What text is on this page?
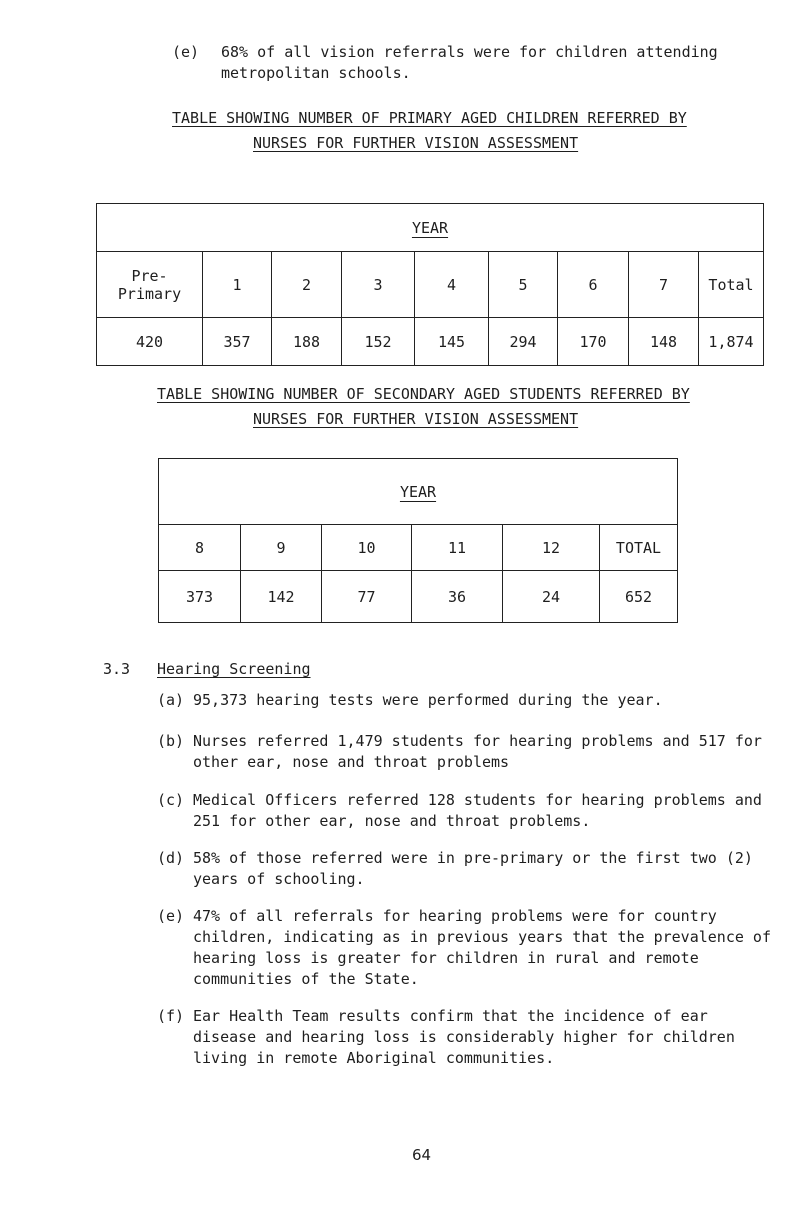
(e) 68% of all vision referrals were for children attending
metropolitan schools.
TABLE SHOWING NUMBER OF PRIMARY AGED CHILDREN REFERRED BY
NURSES FOR FURTHER VISION ASSESSMENT
YEAR								

Pre-
Primary	1	2	3	4	5	6	7	Total
420	357	188	152	145	294	170	148	1,874
TABLE SHOWING NUMBER OF SECONDARY AGED STUDENTS REFERRED BY
NURSES FOR FURTHER VISION ASSESSMENT
YEAR					
8	9	10	11	12	TOTAL
373	142	77	36	24	652
3.3 Hearing Screening
(a) 95,373 hearing tests were performed during the year.
(b) Nurses referred 1,479 students for hearing problems and 517 for other ear, nose and throat problems
(c) Medical Officers referred 128 students for hearing problems and 251 for other ear, nose and throat problems.
(d) 58% of those referred were in pre-primary or the first two (2) years of schooling.
(e) 47% of all referrals for hearing problems were for country children, indicating as in previous years that the prevalence of hearing loss is greater for children in rural and remote communities of the State.
(f) Ear Health Team results confirm that the incidence of ear disease and hearing loss is considerably higher for children living in remote Aboriginal communities.
64
